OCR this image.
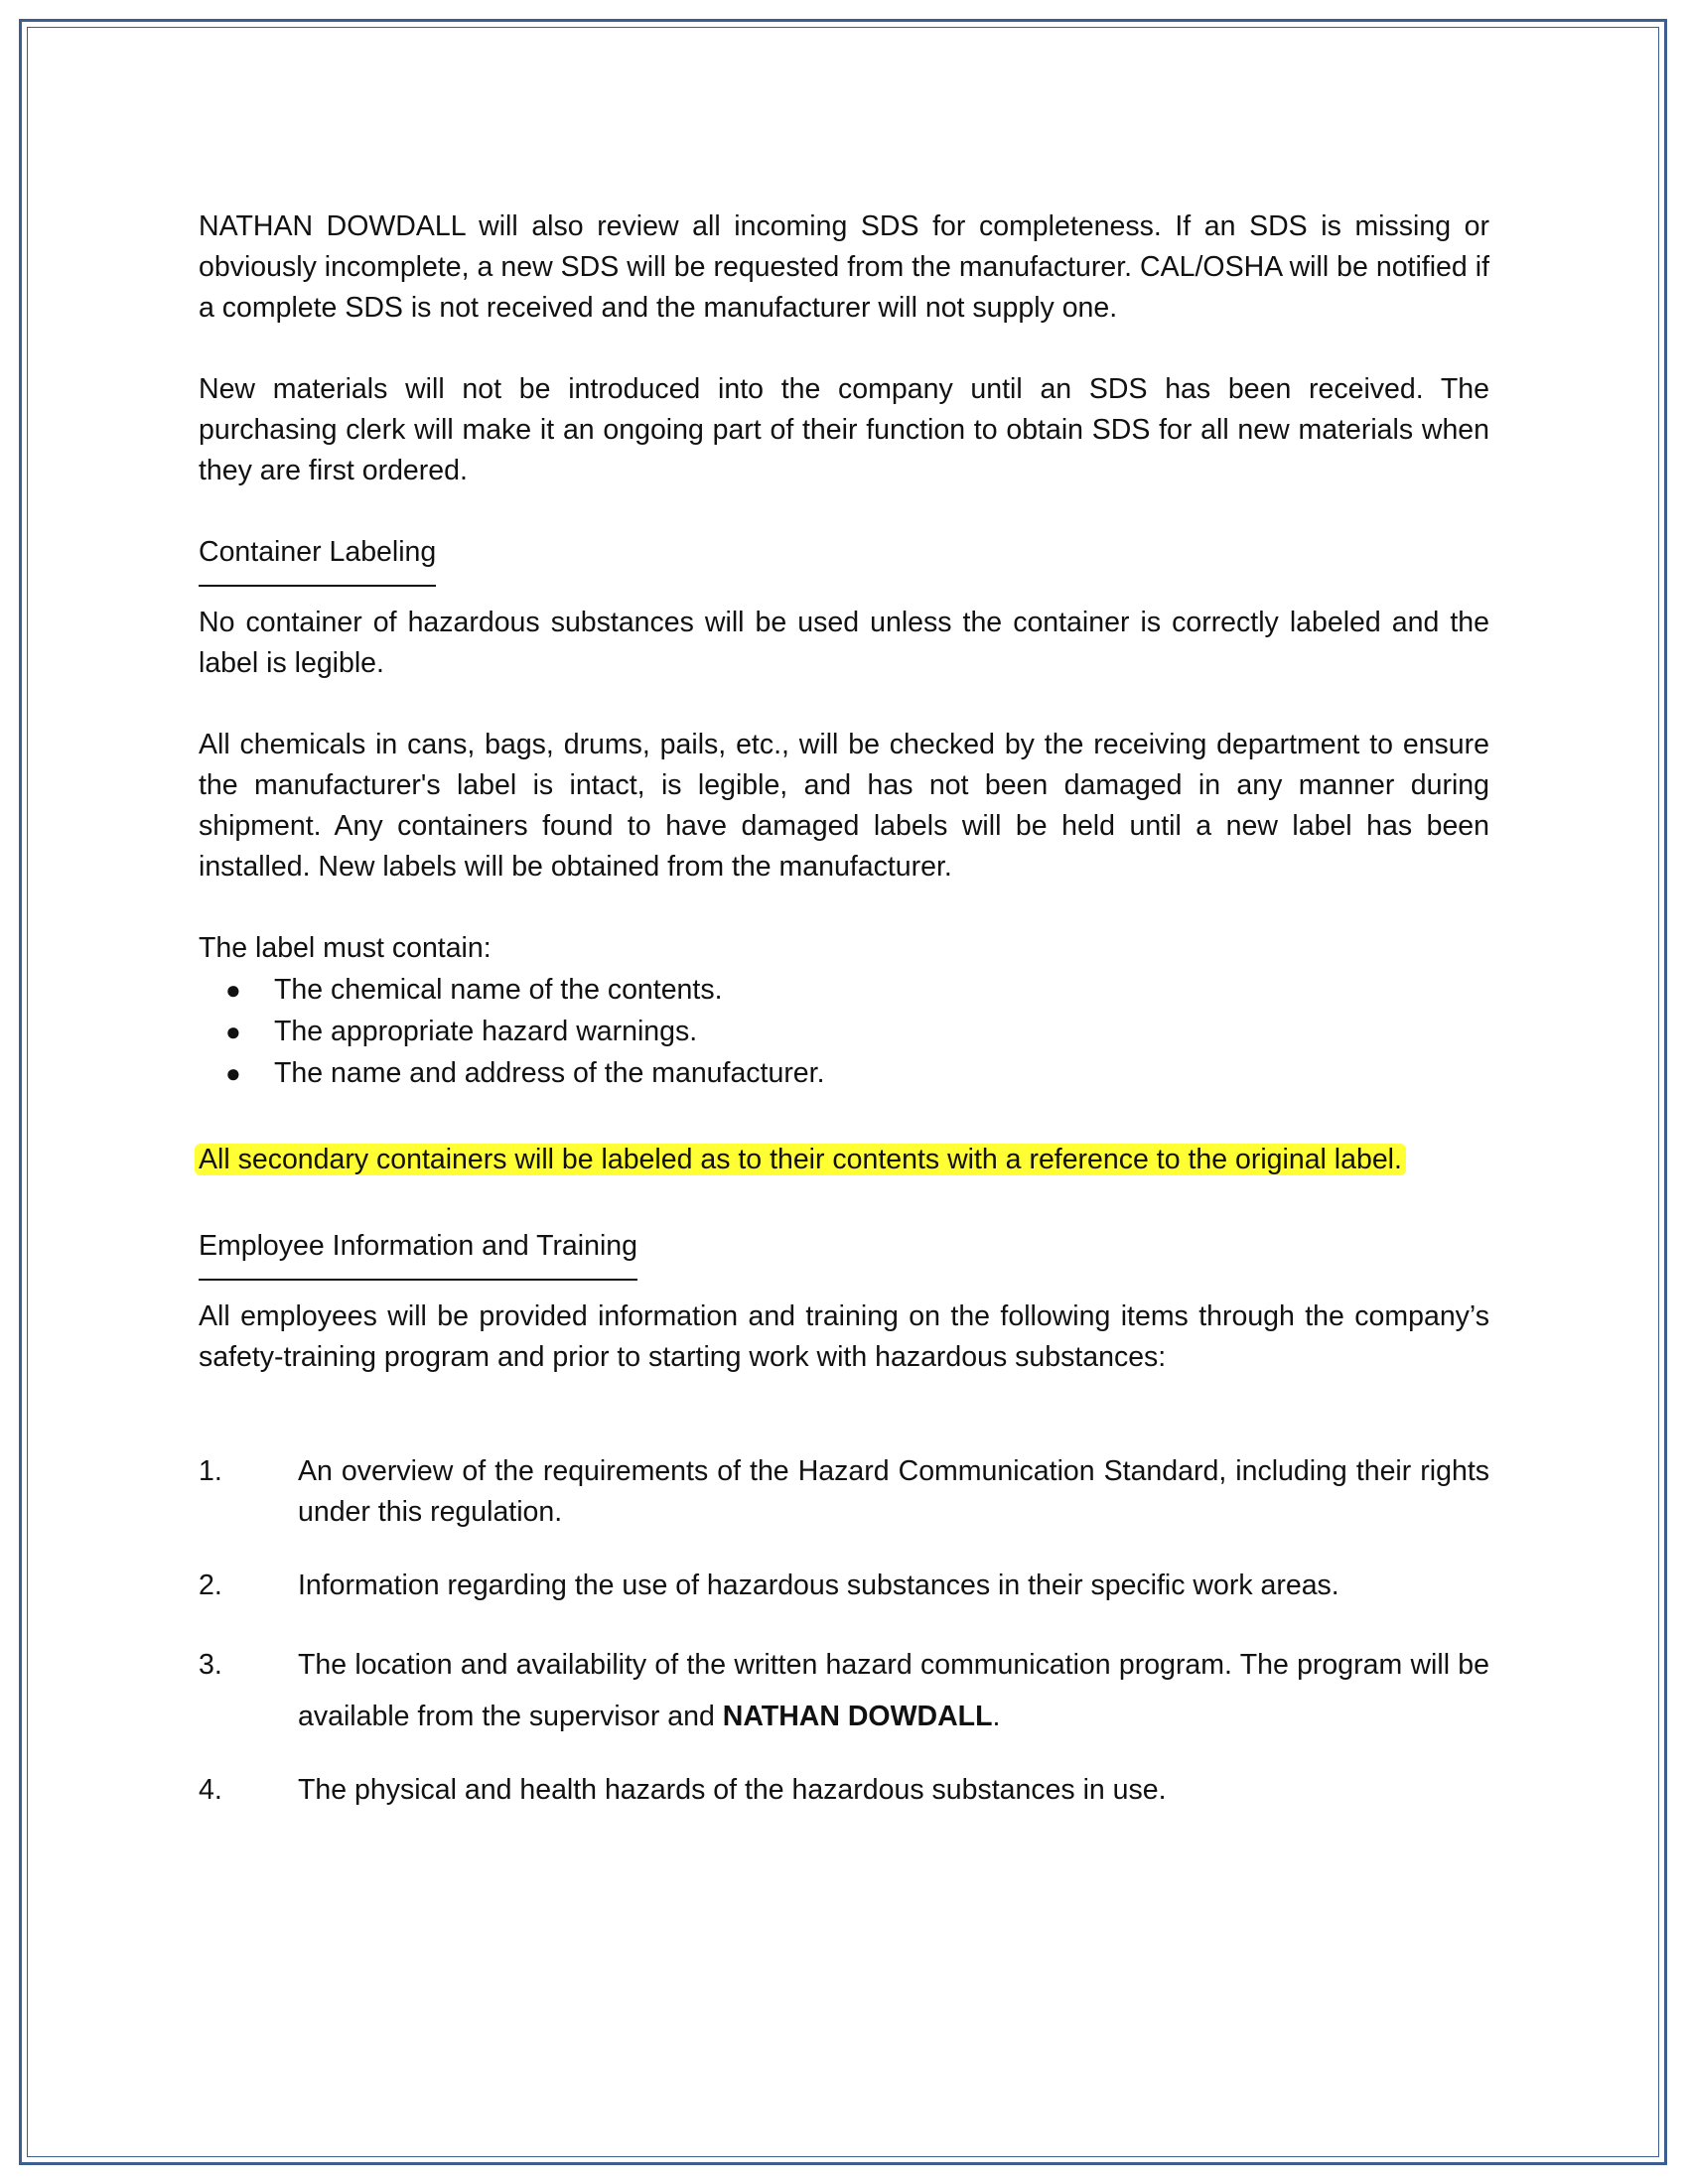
NATHAN DOWDALL will also review all incoming SDS for completeness. If an SDS is missing or obviously incomplete, a new SDS will be requested from the manufacturer. CAL/OSHA will be notified if a complete SDS is not received and the manufacturer will not supply one.

New materials will not be introduced into the company until an SDS has been received. The purchasing clerk will make it an ongoing part of their function to obtain SDS for all new materials when they are first ordered.

Container Labeling

No container of hazardous substances will be used unless the container is correctly labeled and the label is legible.

All chemicals in cans, bags, drums, pails, etc., will be checked by the receiving department to ensure the manufacturer's label is intact, is legible, and has not been damaged in any manner during shipment. Any containers found to have damaged labels will be held until a new label has been installed. New labels will be obtained from the manufacturer.

The label must contain:

● The chemical name of the contents.
● The appropriate hazard warnings.
● The name and address of the manufacturer.

All secondary containers will be labeled as to their contents with a reference to the original label.

Employee Information and Training

All employees will be provided information and training on the following items through the company’s safety-training program and prior to starting work with hazardous substances:

1.	An overview of the requirements of the Hazard Communication Standard, including their rights under this regulation.
2.	Information regarding the use of hazardous substances in their specific work areas.
3.	The location and availability of the written hazard communication program. The program will be available from the supervisor and NATHAN DOWDALL.
4.	The physical and health hazards of the hazardous substances in use.
